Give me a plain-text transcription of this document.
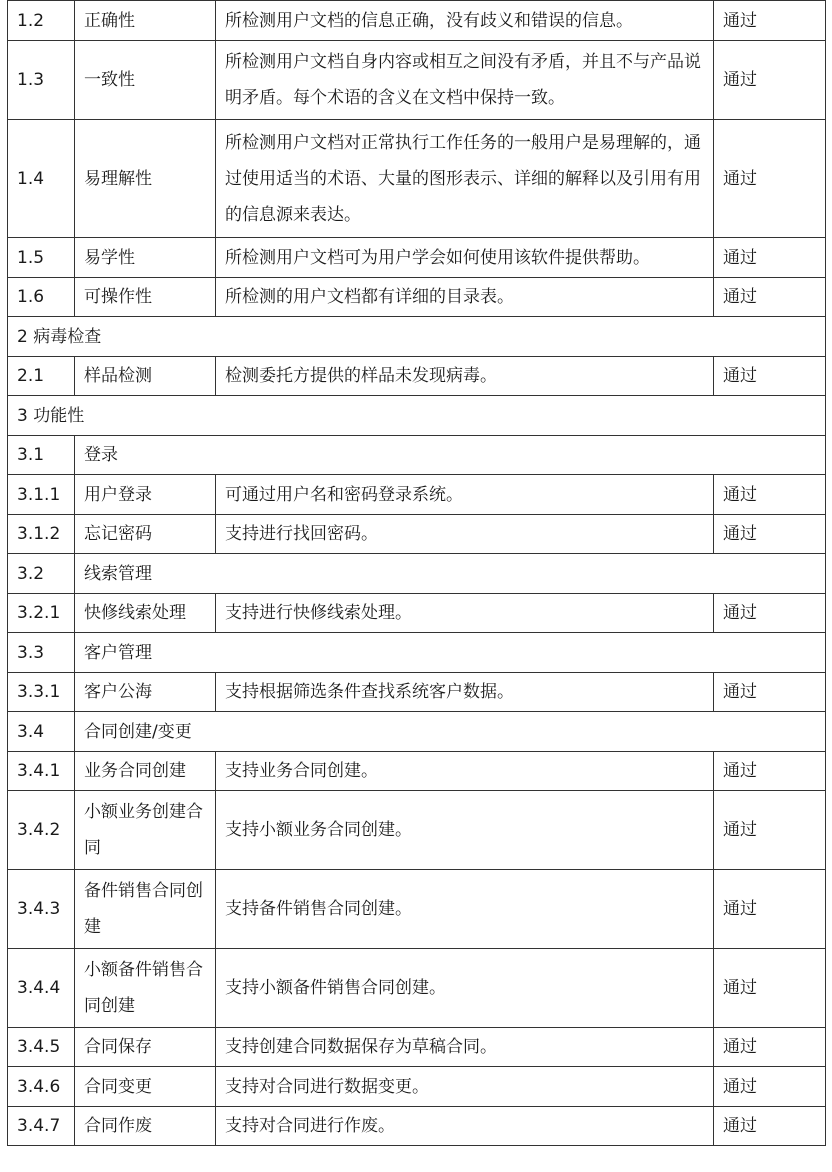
1.2	正确性	所检测用户文档的信息正确，没有歧义和错误的信息。	通过
1.3	一致性	所检测用户文档自身内容或相互之间没有矛盾，并且不与产品说明矛盾。每个术语的含义在文档中保持一致。	通过
1.4	易理解性	所检测用户文档对正常执行工作任务的一般用户是易理解的，通过使用适当的术语、大量的图形表示、详细的解释以及引用有用的信息源来表达。	通过
1.5	易学性	所检测用户文档可为用户学会如何使用该软件提供帮助。	通过
1.6	可操作性	所检测的用户文档都有详细的目录表。	通过
2 病毒检查			
2.1	样品检测	检测委托方提供的样品未发现病毒。	通过
3 功能性			
3.1	登录		
3.1.1	用户登录	可通过用户名和密码登录系统。	通过
3.1.2	忘记密码	支持进行找回密码。	通过
3.2	线索管理		
3.2.1	快修线索处理	支持进行快修线索处理。	通过
3.3	客户管理		
3.3.1	客户公海	支持根据筛选条件查找系统客户数据。	通过
3.4	合同创建/变更		
3.4.1	业务合同创建	支持业务合同创建。	通过
3.4.2	小额业务创建合同	支持小额业务合同创建。	通过
3.4.3	备件销售合同创建	支持备件销售合同创建。	通过
3.4.4	小额备件销售合同创建	支持小额备件销售合同创建。	通过
3.4.5	合同保存	支持创建合同数据保存为草稿合同。	通过
3.4.6	合同变更	支持对合同进行数据变更。	通过
3.4.7	合同作废	支持对合同进行作废。	通过
